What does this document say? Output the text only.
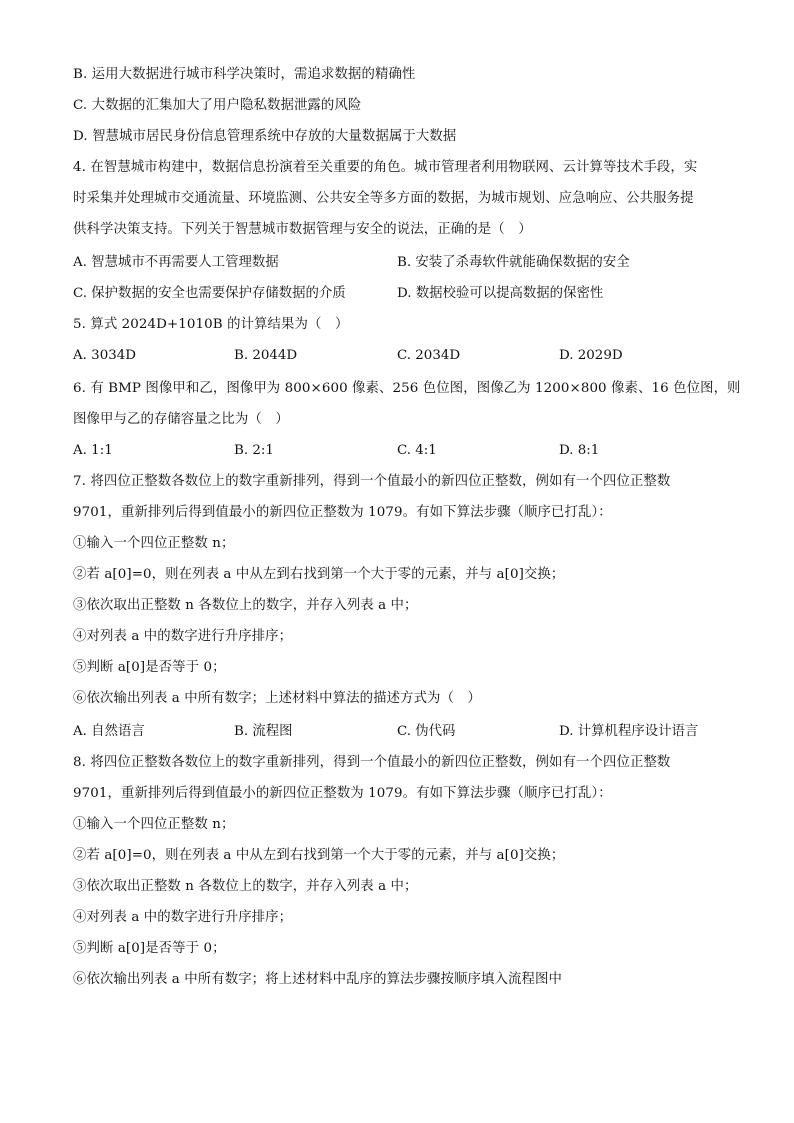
B. 运用大数据进行城市科学决策时，需追求数据的精确性
C. 大数据的汇集加大了用户隐私数据泄露的风险
D. 智慧城市居民身份信息管理系统中存放的大量数据属于大数据
4. 在智慧城市构建中，数据信息扮演着至关重要的角色。城市管理者利用物联网、云计算等技术手段，实
时采集并处理城市交通流量、环境监测、公共安全等多方面的数据，为城市规划、应急响应、公共服务提
供科学决策支持。下列关于智慧城市数据管理与安全的说法，正确的是（　）
A. 智慧城市不再需要人工管理数据	B. 安装了杀毒软件就能确保数据的安全
C. 保护数据的安全也需要保护存储数据的介质	D. 数据校验可以提高数据的保密性
5. 算式 2024D+1010B 的计算结果为（　）
A. 3034D	B. 2044D	C. 2034D	D. 2029D
6. 有 BMP 图像甲和乙，图像甲为 800×600 像素、256 色位图，图像乙为 1200×800 像素、16 色位图，则
图像甲与乙的存储容量之比为（　）
A. 1:1	B. 2:1	C. 4:1	D. 8:1
7. 将四位正整数各数位上的数字重新排列，得到一个值最小的新四位正整数，例如有一个四位正整数
9701，重新排列后得到值最小的新四位正整数为 1079。有如下算法步骤（顺序已打乱）：
①输入一个四位正整数 n；
②若 a[0]=0，则在列表 a 中从左到右找到第一个大于零的元素，并与 a[0]交换；
③依次取出正整数 n 各数位上的数字，并存入列表 a 中；
④对列表 a 中的数字进行升序排序；
⑤判断 a[0]是否等于 0；
⑥依次输出列表 a 中所有数字；上述材料中算法的描述方式为（　）
A. 自然语言	B. 流程图	C. 伪代码	D. 计算机程序设计语言
8. 将四位正整数各数位上的数字重新排列，得到一个值最小的新四位正整数，例如有一个四位正整数
9701，重新排列后得到值最小的新四位正整数为 1079。有如下算法步骤（顺序已打乱）：
①输入一个四位正整数 n；
②若 a[0]=0，则在列表 a 中从左到右找到第一个大于零的元素，并与 a[0]交换；
③依次取出正整数 n 各数位上的数字，并存入列表 a 中；
④对列表 a 中的数字进行升序排序；
⑤判断 a[0]是否等于 0；
⑥依次输出列表 a 中所有数字；将上述材料中乱序的算法步骤按顺序填入流程图中
